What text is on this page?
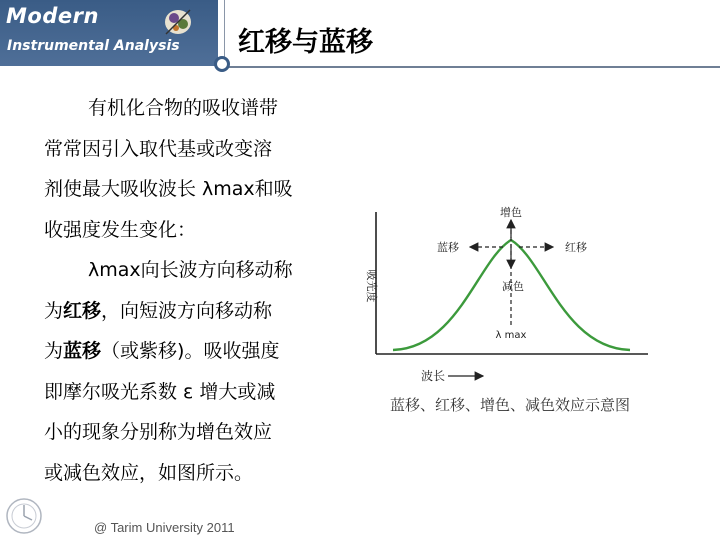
Modern
Instrumental Analysis 红移与蓝移
有机化合物的吸收谱带
常常因引入取代基或改变溶
剂使最大吸收波长 λmax和吸
收强度发生变化：
λmax向长波方向移动称
为红移，向短波方向移动称
为蓝移（或紫移)。吸收强度
即摩尔吸光系数 ε 增大或减
小的现象分别称为增色效应
或减色效应，如图所示。
增色
蓝移	红移
减色
λ max
吸光度
波长
蓝移、红移、增色、减色效应示意图
@ Tarim University 2011
